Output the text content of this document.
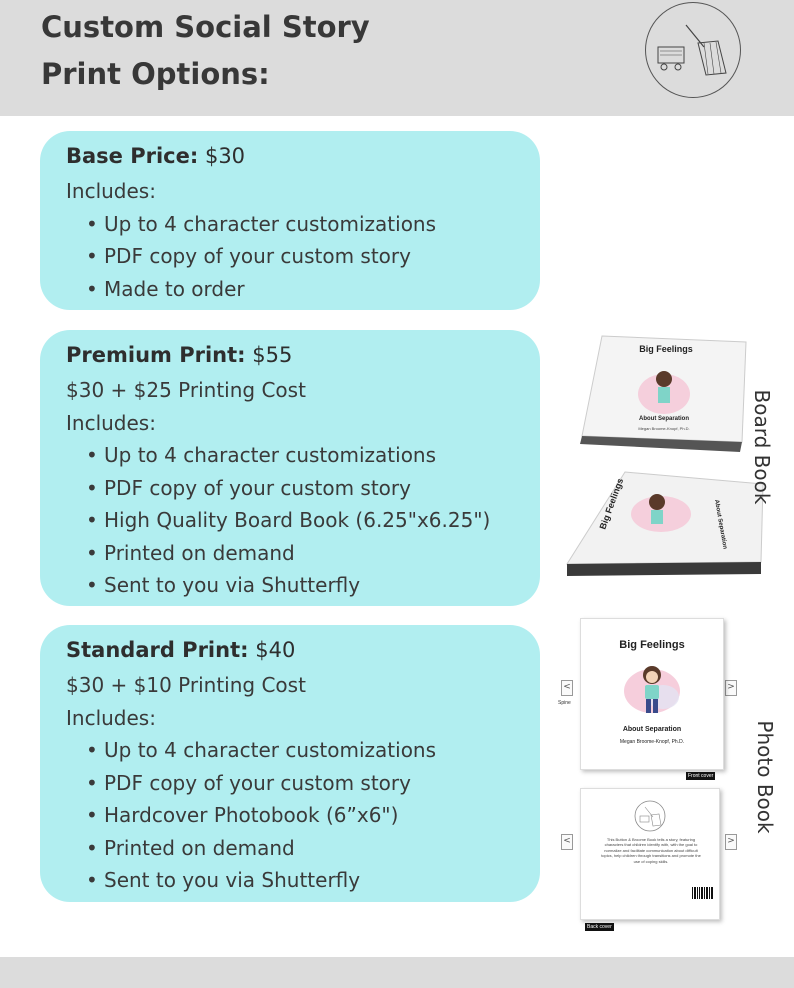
Custom Social Story
Print Options:
Base Price: $30
Includes:
• Up to 4 character customizations
• PDF copy of your custom story
• Made to order
Premium Print: $55
$30 + $25 Printing Cost
Includes:
• Up to 4 character customizations
• PDF copy of your custom story
• High Quality Board Book (6.25"x6.25")
• Printed on demand
• Sent to you via Shutterfly
Standard Print: $40
$30 + $10 Printing Cost
Includes:
• Up to 4 character customizations
• PDF copy of your custom story
• Hardcover Photobook (6”x6")
• Printed on demand
• Sent to you via Shutterfly
Big Feelings
About Separation
Megan Broome-Knopf, Ph.D.
Big Feelings	About Separation
Board Book
<	>
Spine
Big Feelings
About Separation
Megan Broome-Knopf, Ph.D.
Front cover
<	>
This Button & Broome Book tells a story, featuring characters that children identify with, with the goal to normalize and facilitate communication about difficult topics, help children through transitions and promote the use of coping skills.
Back cover
Photo Book
